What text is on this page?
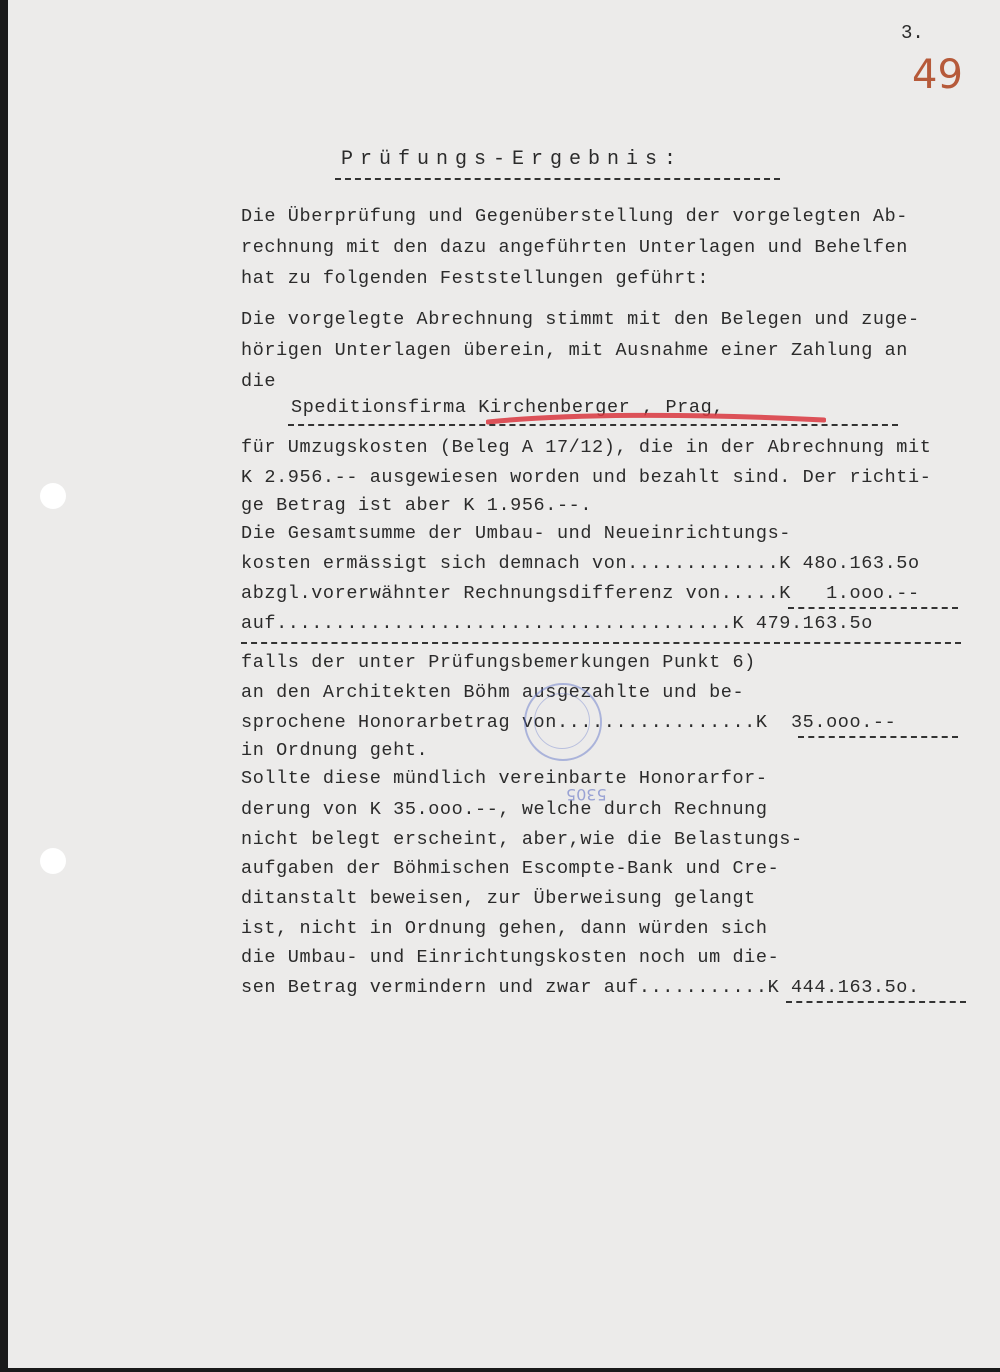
3.
49
Prüfungs-Ergebnis:
Die Überprüfung und Gegenüberstellung der vorgelegten Ab-
rechnung mit den dazu angeführten Unterlagen und Behelfen
hat zu folgenden Feststellungen geführt:
Die vorgelegte Abrechnung stimmt mit den Belegen und zuge-
hörigen Unterlagen überein, mit Ausnahme einer Zahlung an
die
Speditionsfirma Kirchenberger , Prag,
für Umzugskosten (Beleg A 17/12), die in der Abrechnung mit
K 2.956.-- ausgewiesen worden und bezahlt sind. Der richti-
ge Betrag ist aber K 1.956.--.
Die Gesamtsumme der Umbau- und Neueinrichtungs-
kosten ermässigt sich demnach von.............K 48o.163.5o
abzgl.vorerwähnter Rechnungsdifferenz von.....K   1.ooo.--
auf.......................................K 479.163.5o
falls der unter Prüfungsbemerkungen Punkt 6)
an den Architekten Böhm ausgezahlte und be-
sprochene Honorarbetrag von.................K  35.ooo.--
in Ordnung geht.
5305
Sollte diese mündlich vereinbarte Honorarfor-
derung von K 35.ooo.--, welche durch Rechnung
nicht belegt erscheint, aber,wie die Belastungs-
aufgaben der Böhmischen Escompte-Bank und Cre-
ditanstalt beweisen, zur Überweisung gelangt
ist, nicht in Ordnung gehen, dann würden sich
die Umbau- und Einrichtungskosten noch um die-
sen Betrag vermindern und zwar auf...........K 444.163.5o.
